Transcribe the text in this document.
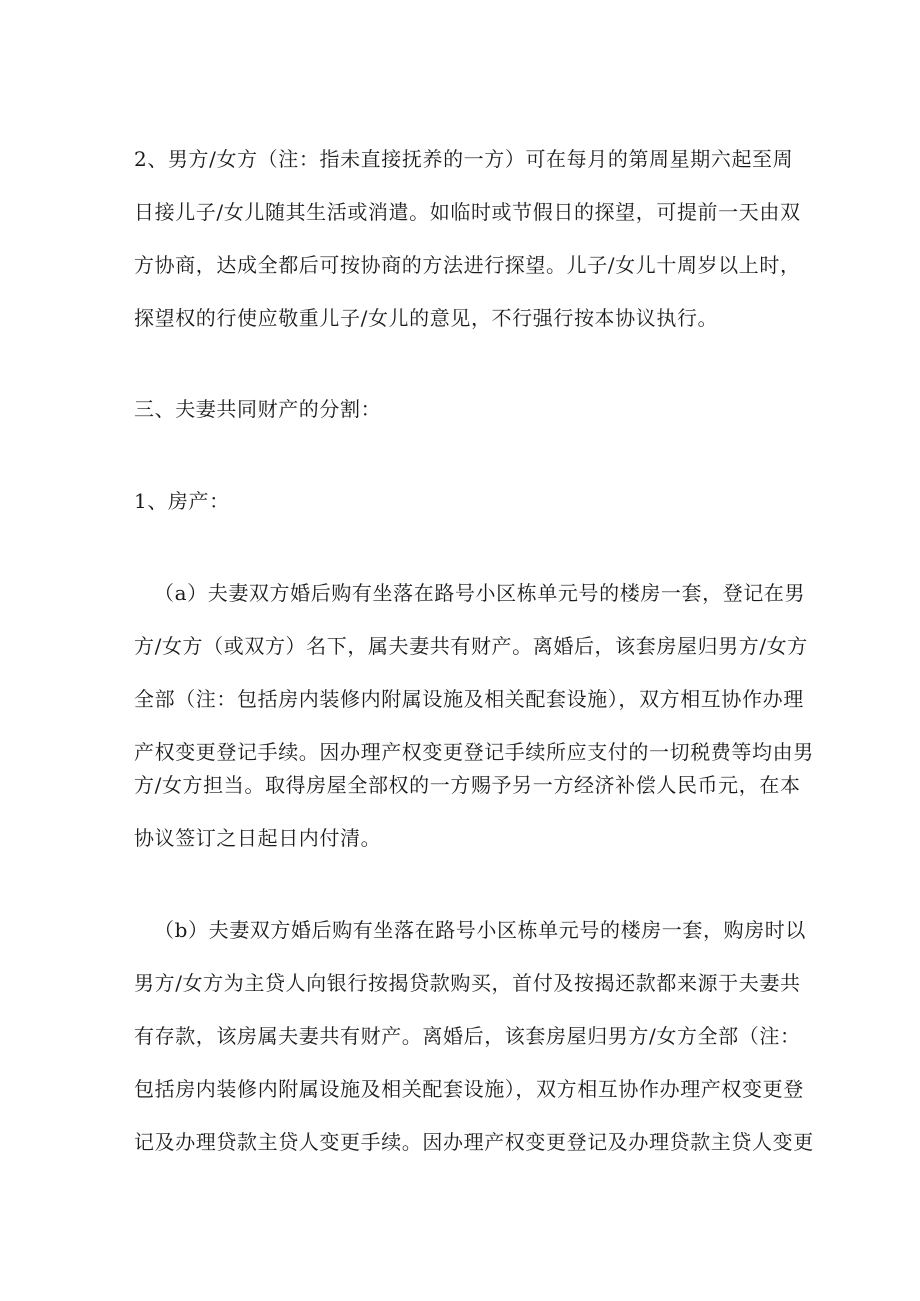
2、男方/女方（注：指未直接抚养的一方）可在每月的第周星期六起至周

日接儿子/女儿随其生活或消遣。如临时或节假日的探望，可提前一天由双

方协商，达成全都后可按协商的方法进行探望。儿子/女儿十周岁以上时，

探望权的行使应敬重儿子/女儿的意见，不行强行按本协议执行。

三、夫妻共同财产的分割：

1、房产：

（a）夫妻双方婚后购有坐落在路号小区栋单元号的楼房一套，登记在男

方/女方（或双方）名下，属夫妻共有财产。离婚后，该套房屋归男方/女方

全部（注：包括房内装修内附属设施及相关配套设施），双方相互协作办理

产权变更登记手续。因办理产权变更登记手续所应支付的一切税费等均由男

方/女方担当。取得房屋全部权的一方赐予另一方经济补偿人民币元，在本

协议签订之日起日内付清。

（b）夫妻双方婚后购有坐落在路号小区栋单元号的楼房一套，购房时以

男方/女方为主贷人向银行按揭贷款购买，首付及按揭还款都来源于夫妻共

有存款，该房属夫妻共有财产。离婚后，该套房屋归男方/女方全部（注：

包括房内装修内附属设施及相关配套设施），双方相互协作办理产权变更登

记及办理贷款主贷人变更手续。因办理产权变更登记及办理贷款主贷人变更
